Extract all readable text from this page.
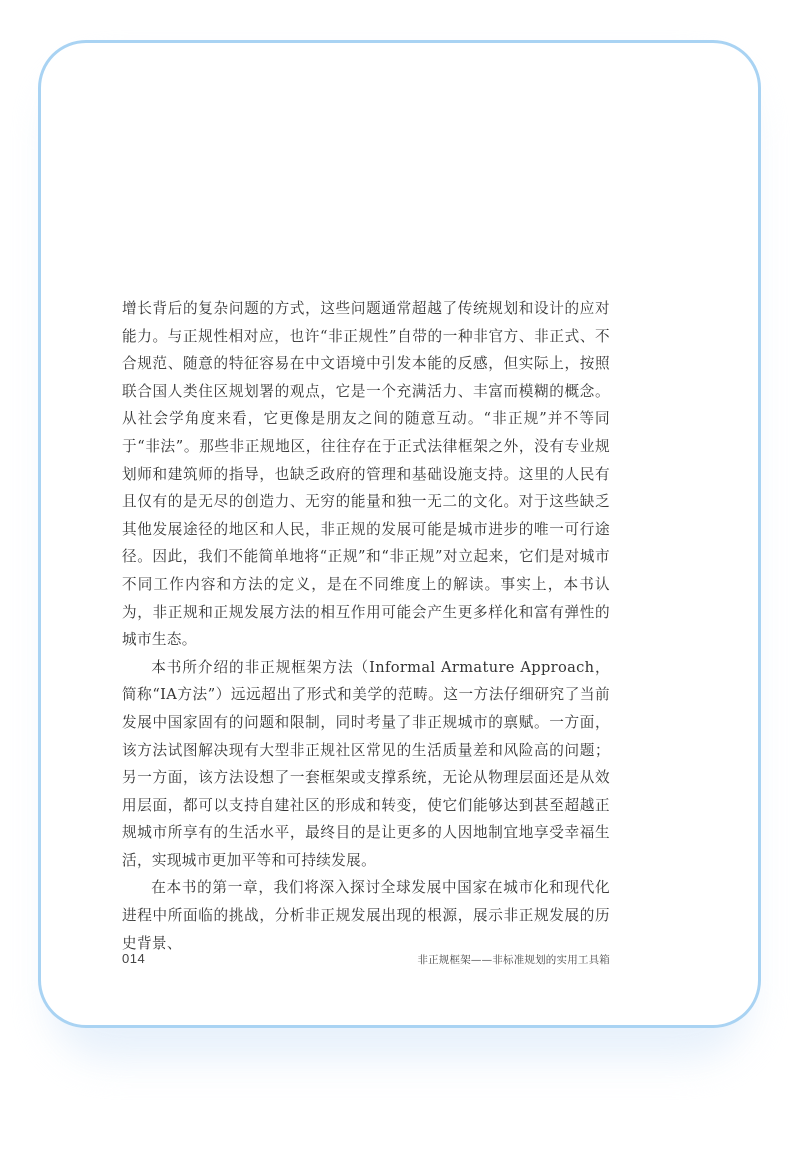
增长背后的复杂问题的方式，这些问题通常超越了传统规划和设计的应对能力。与正规性相对应，也许“非正规性”自带的一种非官方、非正式、不合规范、随意的特征容易在中文语境中引发本能的反感，但实际上，按照联合国人类住区规划署的观点，它是一个充满活力、丰富而模糊的概念。从社会学角度来看，它更像是朋友之间的随意互动。“非正规”并不等同于“非法”。那些非正规地区，往往存在于正式法律框架之外，没有专业规划师和建筑师的指导，也缺乏政府的管理和基础设施支持。这里的人民有且仅有的是无尽的创造力、无穷的能量和独一无二的文化。对于这些缺乏其他发展途径的地区和人民，非正规的发展可能是城市进步的唯一可行途径。因此，我们不能简单地将“正规”和“非正规”对立起来，它们是对城市不同工作内容和方法的定义，是在不同维度上的解读。事实上，本书认为，非正规和正规发展方法的相互作用可能会产生更多样化和富有弹性的城市生态。

本书所介绍的非正规框架方法（Informal Armature Approach，简称“IA方法”）远远超出了形式和美学的范畴。这一方法仔细研究了当前发展中国家固有的问题和限制，同时考量了非正规城市的禀赋。一方面，该方法试图解决现有大型非正规社区常见的生活质量差和风险高的问题；另一方面，该方法设想了一套框架或支撑系统，无论从物理层面还是从效用层面，都可以支持自建社区的形成和转变，使它们能够达到甚至超越正规城市所享有的生活水平，最终目的是让更多的人因地制宜地享受幸福生活，实现城市更加平等和可持续发展。

在本书的第一章，我们将深入探讨全球发展中国家在城市化和现代化进程中所面临的挑战，分析非正规发展出现的根源，展示非正规发展的历史背景、

014	非正规框架——非标准规划的实用工具箱
